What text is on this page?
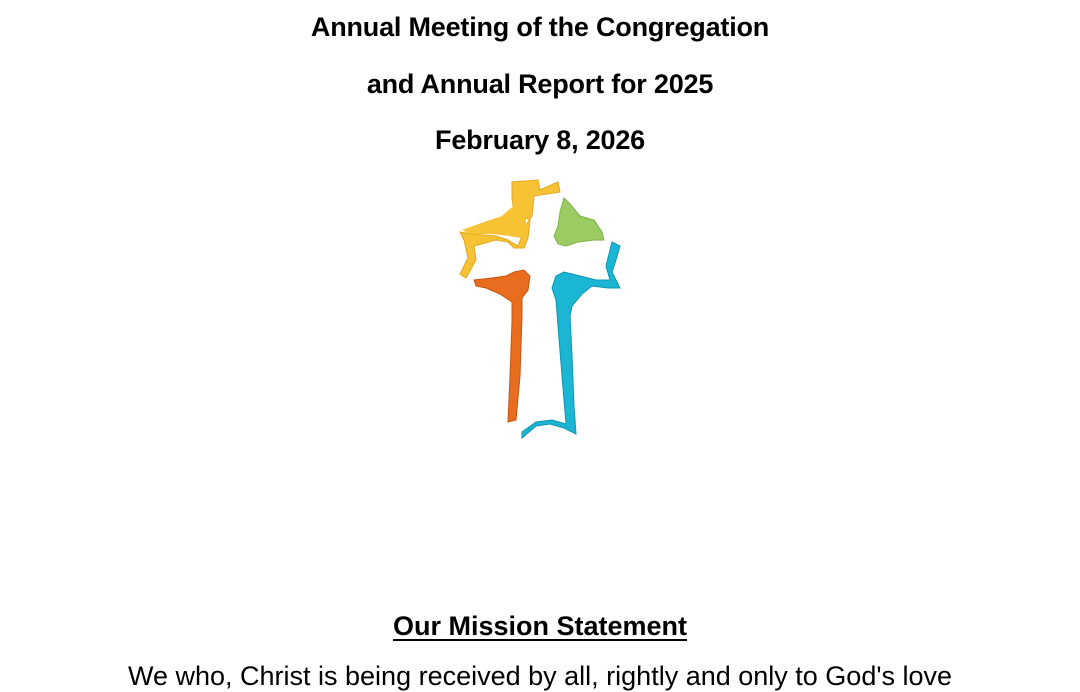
Annual Meeting of the Congregation
and Annual Report for 2025
February 8, 2026
Our Mission Statement
We who, Christ is being received by all, rightly and only to God's love
